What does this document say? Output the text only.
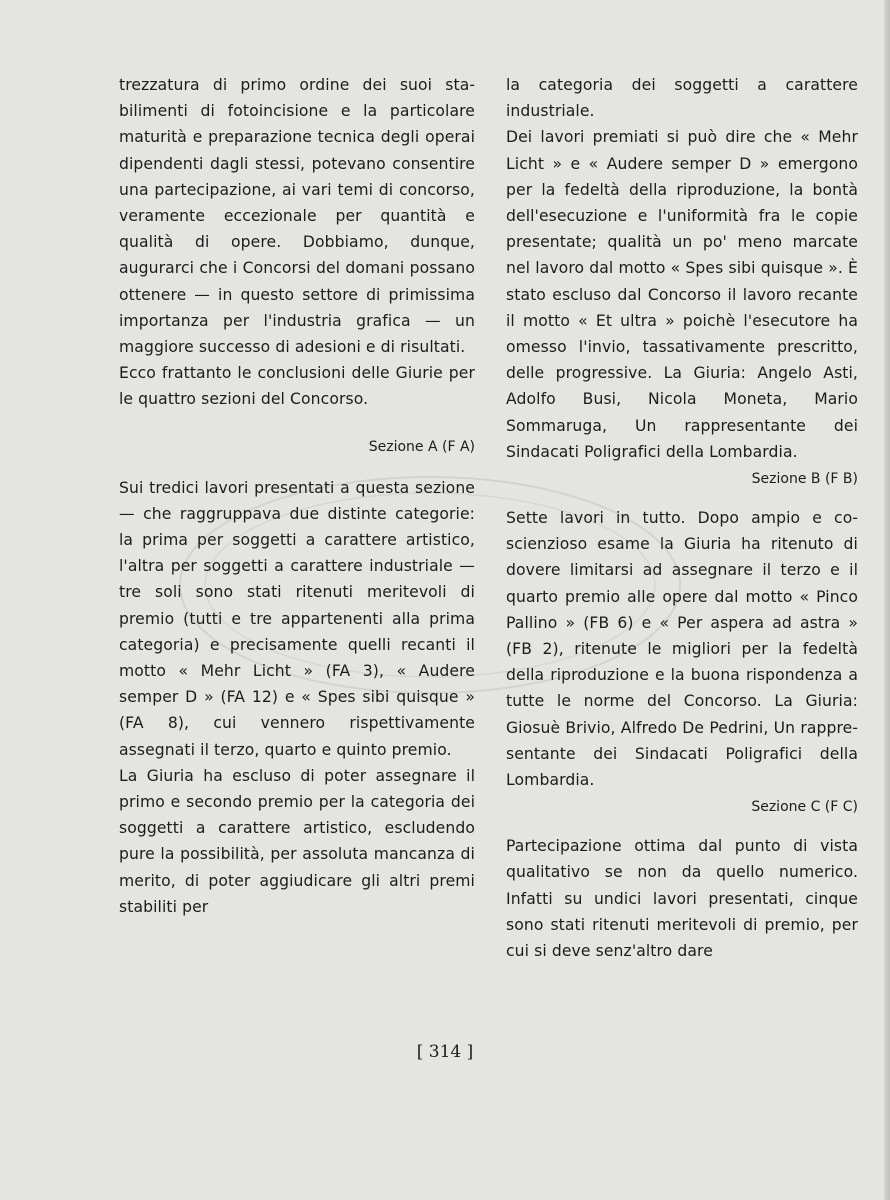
trezzatura di primo ordine dei suoi stabilimenti di fotoincisione e la particolare maturità e preparazione tecnica degli operai dipendenti dagli stessi, potevano consentire una partecipazione, ai vari temi di concorso, veramente eccezionale per quantità e qualità di opere. Dobbiamo, dunque, augurarci che i Concorsi del domani possano ottenere — in questo settore di primissima importanza per l'industria grafica — un maggiore successo di adesioni e di risultati.

Ecco frattanto le conclusioni delle Giurie per le quattro sezioni del Concorso.

Sezione A (F A)

Sui tredici lavori presentati a questa sezione — che raggruppava due distinte categorie: la prima per soggetti a carattere artistico, l'altra per soggetti a carattere industriale — tre soli sono stati ritenuti meritevoli di premio (tutti e tre appartenenti alla prima categoria) e precisamente quelli recanti il motto « Mehr Licht » (FA 3), « Audere semper D » (FA 12) e « Spes sibi quisque » (FA 8), cui vennero rispettivamente assegnati il terzo, quarto e quinto premio.

La Giuria ha escluso di poter assegnare il primo e secondo premio per la categoria dei soggetti a carattere artistico, escludendo pure la possibilità, per assoluta mancanza di merito, di poter aggiudicare gli altri premi stabiliti per

la categoria dei soggetti a carattere industriale.

Dei lavori premiati si può dire che « Mehr Licht » e « Audere semper D » emergono per la fedeltà della riproduzione, la bontà dell'esecuzione e l'uniformità fra le copie presentate; qualità un po' meno marcate nel lavoro dal motto « Spes sibi quisque ». È stato escluso dal Concorso il lavoro recante il motto « Et ultra » poichè l'esecutore ha omesso l'invio, tassativamente prescritto, delle progressive. La Giuria: Angelo Asti, Adolfo Busi, Nicola Moneta, Mario Sommaruga, Un rappresentante dei Sindacati Poligrafici della Lombardia.

Sezione B (F B)

Sette lavori in tutto. Dopo ampio e coscienzioso esame la Giuria ha ritenuto di dovere limitarsi ad assegnare il terzo e il quarto premio alle opere dal motto « Pinco Pallino » (FB 6) e « Per aspera ad astra » (FB 2), ritenute le migliori per la fedeltà della riproduzione e la buona rispondenza a tutte le norme del Concorso. La Giuria: Giosuè Brivio, Alfredo De Pedrini, Un rappresentante dei Sindacati Poligrafici della Lombardia.

Sezione C (F C)

Partecipazione ottima dal punto di vista qualitativo se non da quello numerico. Infatti su undici lavori presentati, cinque sono stati ritenuti meritevoli di premio, per cui si deve senz'altro dare

[ 314 ]
